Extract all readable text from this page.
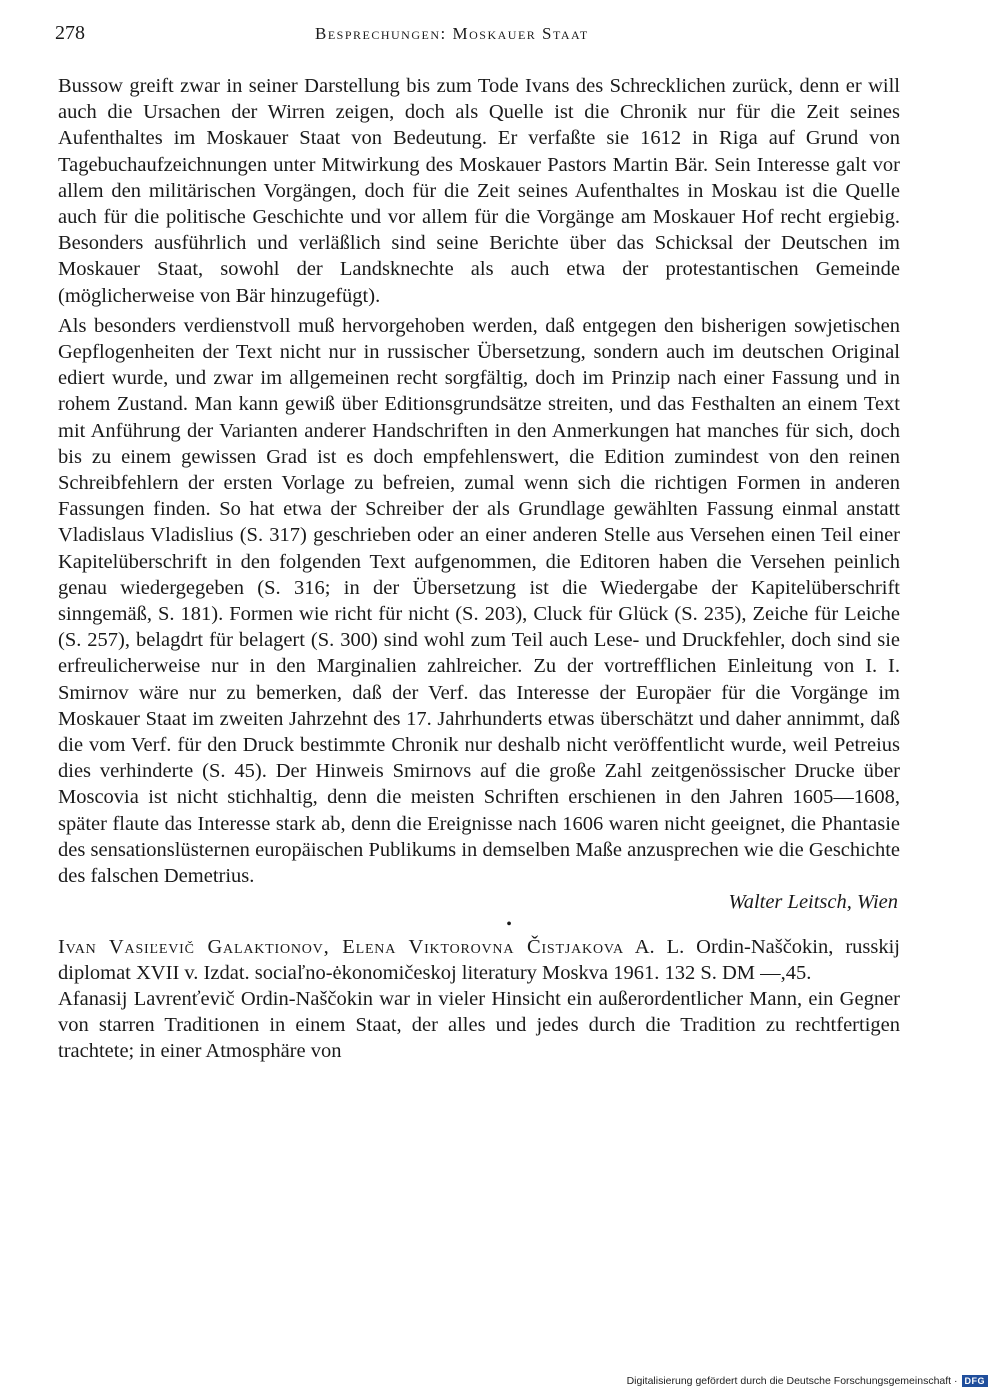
278	Besprechungen: Moskauer Staat

Bussow greift zwar in seiner Darstellung bis zum Tode Ivans des Schrecklichen zurück, denn er will auch die Ursachen der Wirren zeigen, doch als Quelle ist die Chronik nur für die Zeit seines Aufenthaltes im Moskauer Staat von Bedeutung. Er verfaßte sie 1612 in Riga auf Grund von Tagebuchaufzeichnungen unter Mitwirkung des Moskauer Pastors Martin Bär. Sein Interesse galt vor allem den militärischen Vorgängen, doch für die Zeit seines Aufenthaltes in Moskau ist die Quelle auch für die politische Geschichte und vor allem für die Vorgänge am Moskauer Hof recht ergiebig. Besonders ausführlich und verläßlich sind seine Berichte über das Schicksal der Deutschen im Moskauer Staat, sowohl der Landsknechte als auch etwa der protestantischen Gemeinde (möglicherweise von Bär hinzugefügt).

Als besonders verdienstvoll muß hervorgehoben werden, daß entgegen den bisherigen sowjetischen Gepflogenheiten der Text nicht nur in russischer Übersetzung, sondern auch im deutschen Original ediert wurde, und zwar im allgemeinen recht sorgfältig, doch im Prinzip nach einer Fassung und in rohem Zustand. Man kann gewiß über Editionsgrundsätze streiten, und das Festhalten an einem Text mit Anführung der Varianten anderer Handschriften in den Anmerkungen hat manches für sich, doch bis zu einem gewissen Grad ist es doch empfehlenswert, die Edition zumindest von den reinen Schreibfehlern der ersten Vorlage zu befreien, zumal wenn sich die richtigen Formen in anderen Fassungen finden. So hat etwa der Schreiber der als Grundlage gewählten Fassung einmal anstatt Vladislaus Vladislius (S. 317) geschrieben oder an einer anderen Stelle aus Versehen einen Teil einer Kapitelüberschrift in den folgenden Text aufgenommen, die Editoren haben die Versehen peinlich genau wiedergegeben (S. 316; in der Übersetzung ist die Wiedergabe der Kapitelüberschrift sinngemäß, S. 181). Formen wie richt für nicht (S. 203), Cluck für Glück (S. 235), Zeiche für Leiche (S. 257), belagdrt für belagert (S. 300) sind wohl zum Teil auch Lese- und Druckfehler, doch sind sie erfreulicherweise nur in den Marginalien zahlreicher. Zu der vortrefflichen Einleitung von I. I. Smirnov wäre nur zu bemerken, daß der Verf. das Interesse der Europäer für die Vorgänge im Moskauer Staat im zweiten Jahrzehnt des 17. Jahrhunderts etwas überschätzt und daher annimmt, daß die vom Verf. für den Druck bestimmte Chronik nur deshalb nicht veröffentlicht wurde, weil Petreius dies verhinderte (S. 45). Der Hinweis Smirnovs auf die große Zahl zeitgenössischer Drucke über Moscovia ist nicht stichhaltig, denn die meisten Schriften erschienen in den Jahren 1605—1608, später flaute das Interesse stark ab, denn die Ereignisse nach 1606 waren nicht geeignet, die Phantasie des sensationslüsternen europäischen Publikums in demselben Maße anzusprechen wie die Geschichte des falschen Demetrius.

Walter Leitsch, Wien

•

Ivan Vasiľevič Galaktionov, Elena Viktorovna Čistjakova A. L. Ordin-Naščokin, russkij diplomat XVII v. Izdat. sociaľno-ėkonomičeskoj literatury Moskva 1961. 132 S. DM —,45.

Afanasij Lavrenťevič Ordin-Naščokin war in vieler Hinsicht ein außerordentlicher Mann, ein Gegner von starren Traditionen in einem Staat, der alles und jedes durch die Tradition zu rechtfertigen trachtete; in einer Atmosphäre von

Digitalisierung gefördert durch die Deutsche Forschungsgemeinschaft · DFG
